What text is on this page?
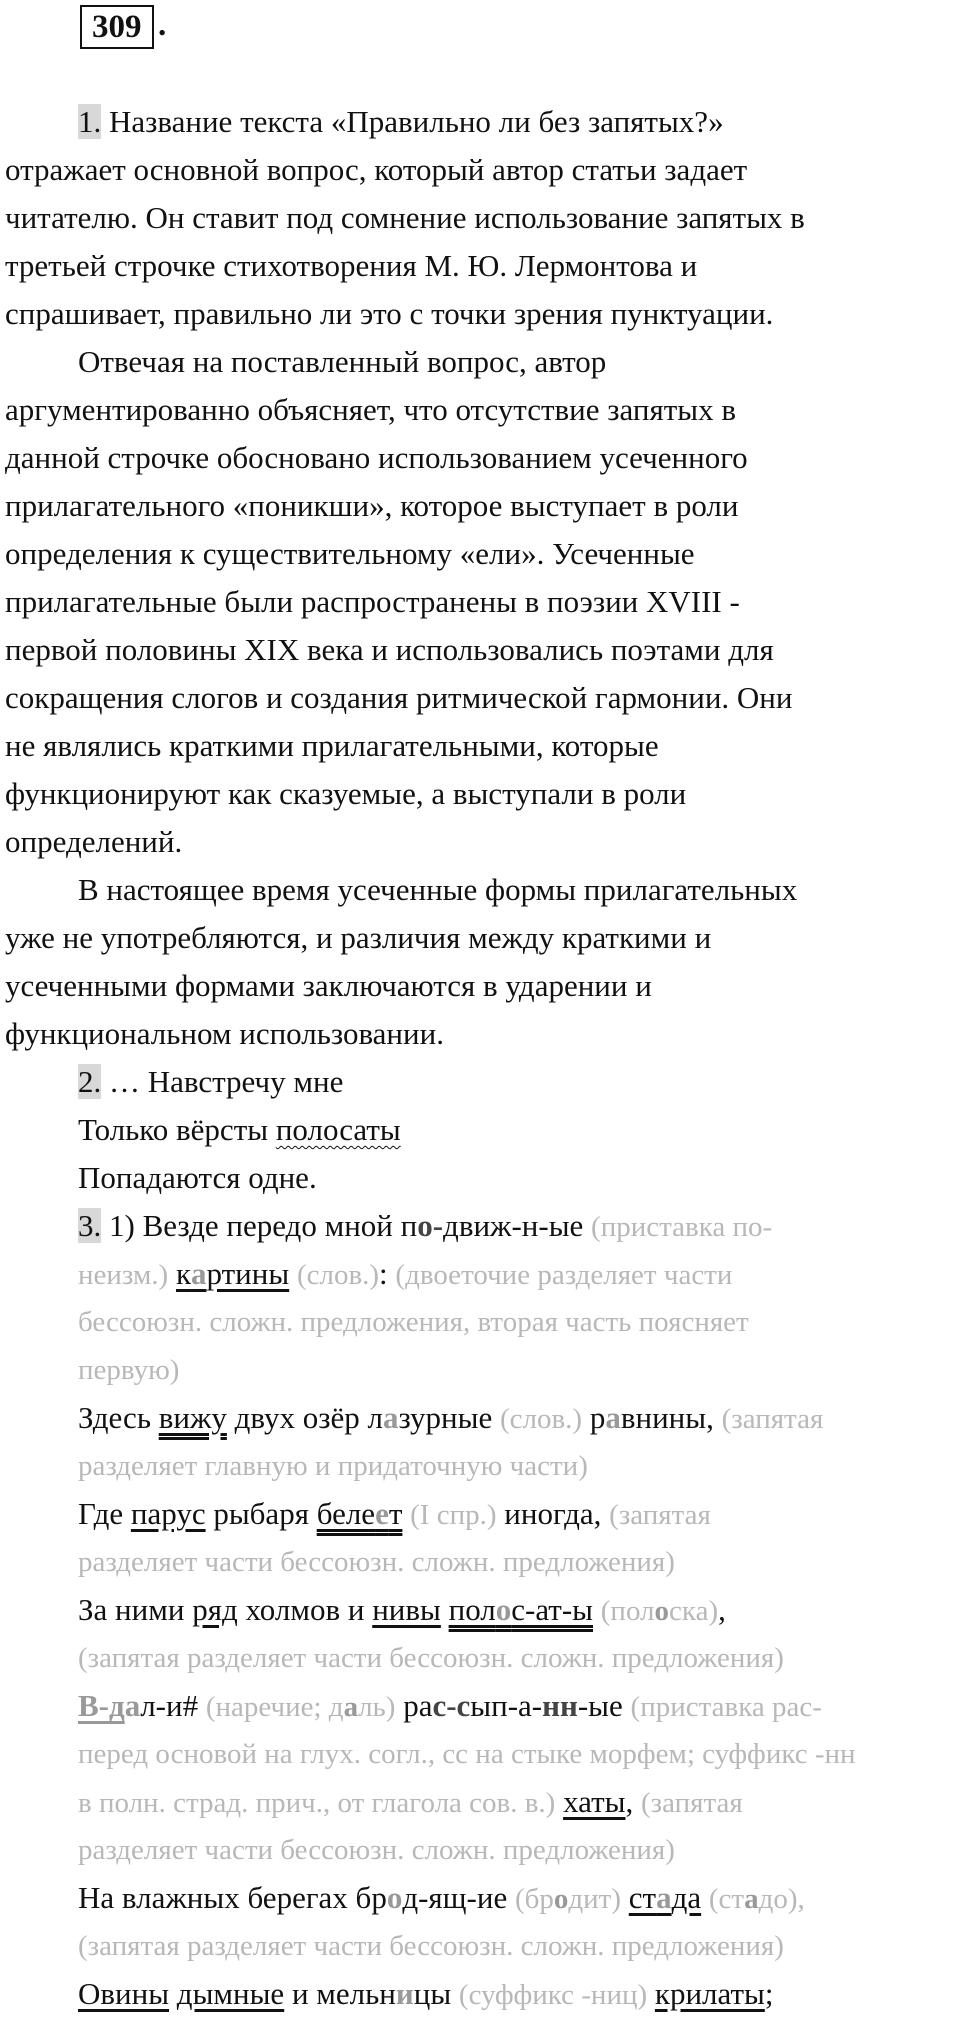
309 .
1. Название текста «Правильно ли без запятых?»
отражает основной вопрос, который автор статьи задает
читателю. Он ставит под сомнение использование запятых в
третьей строчке стихотворения М. Ю. Лермонтова и
спрашивает, правильно ли это с точки зрения пунктуации.
Отвечая на поставленный вопрос, автор
аргументированно объясняет, что отсутствие запятых в
данной строчке обосновано использованием усеченного
прилагательного «поникши», которое выступает в роли
определения к существительному «ели». Усеченные
прилагательные были распространены в поэзии XVIII -
первой половины XIX века и использовались поэтами для
сокращения слогов и создания ритмической гармонии. Они
не являлись краткими прилагательными, которые
функционируют как сказуемые, а выступали в роли
определений.
В настоящее время усеченные формы прилагательных
уже не употребляются, и различия между краткими и
усеченными формами заключаются в ударении и
функциональном использовании.
2. … Навстречу мне
Только вёрсты полосаты
Попадаются одне.
3. 1) Везде передо мной по-движ-н-ые (приставка по-
неизм.) картины (слов.): (двоеточие разделяет части
бессоюзн. сложн. предложения, вторая часть поясняет
первую)
Здесь вижу двух озёр лазурные (слов.) равнины, (запятая
разделяет главную и придаточную части)
Где парус рыбаря белеет (I спр.) иногда, (запятая
разделяет части бессоюзн. сложн. предложения)
За ними ряд холмов и нивы полос-ат-ы (полоска),
(запятая разделяет части бессоюзн. сложн. предложения)
В-дал-и# (наречие; даль) рас-сып-а-нн-ые (приставка рас-
перед основой на глух. согл., сс на стыке морфем; суффикс -нн
в полн. страд. прич., от глагола сов. в.) хаты, (запятая
разделяет части бессоюзн. сложн. предложения)
На влажных берегах брод-ящ-ие (бродит) стада (стадо),
(запятая разделяет части бессоюзн. сложн. предложения)
Овины дымные и мельницы (суффикс -ниц) крилаты;
